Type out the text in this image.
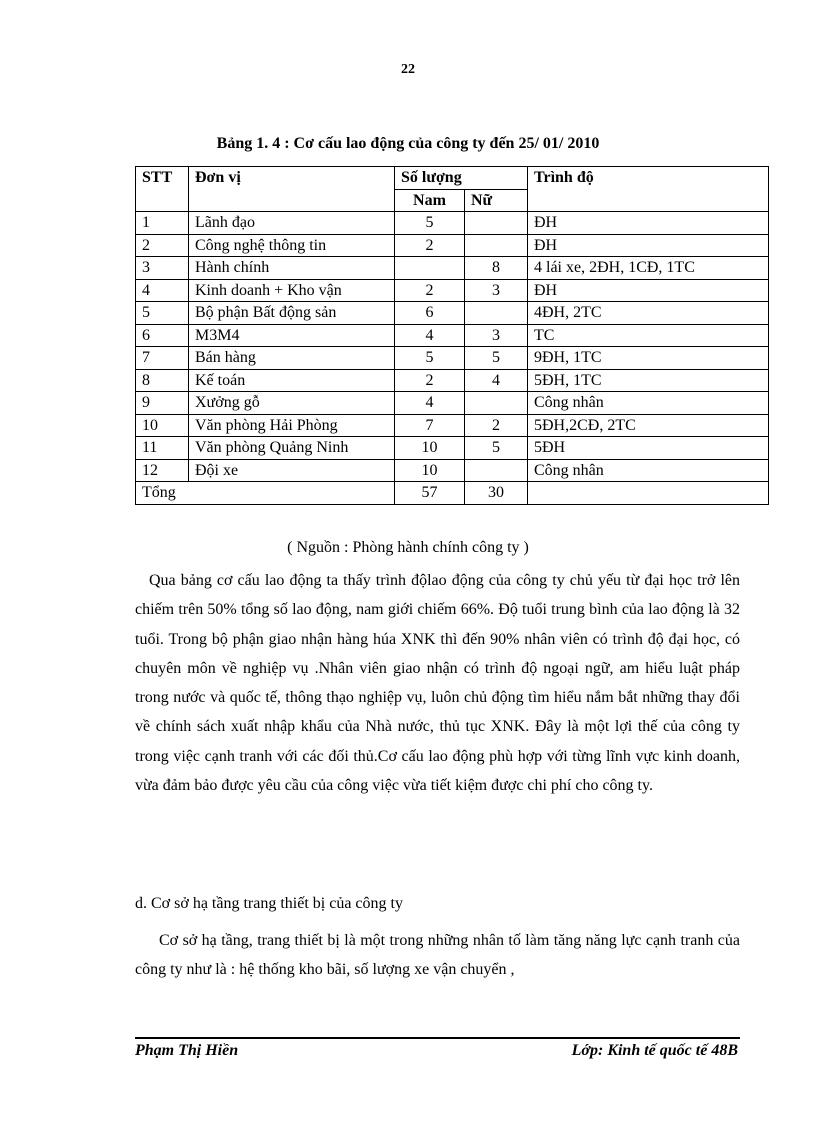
22
Bảng 1. 4 : Cơ cấu lao động của công ty đến 25/ 01/ 2010
STT	Đơn vị	Số lượng		Trình độ
		Nam	Nữ	
1	Lãnh đạo	5		ĐH
2	Công nghệ thông tin	2		ĐH
3	Hành chính		8	4 lái xe, 2ĐH, 1CĐ, 1TC
4	Kinh doanh + Kho vận	2	3	ĐH
5	Bộ phận Bất động sản	6		4ĐH, 2TC
6	M3M4	4	3	TC
7	Bán hàng	5	5	9ĐH, 1TC
8	Kế toán	2	4	5ĐH, 1TC
9	Xưởng gỗ	4		Công nhân
10	Văn phòng Hải Phòng	7	2	5ĐH,2CĐ, 2TC
11	Văn phòng Quảng Ninh	10	5	5ĐH
12	Đội xe	10		Công nhân
Tổng		57	30	
( Nguồn : Phòng hành chính công ty )
Qua bảng cơ cấu lao động ta thấy trình độlao động của công ty chủ yếu từ đại học trở lên chiếm trên 50% tổng số lao động, nam giới chiếm 66%. Độ tuổi trung bình của lao động là 32 tuổi. Trong bộ phận giao nhận hàng húa XNK thì đến 90% nhân viên có trình độ đại học, có chuyên môn về nghiệp vụ .Nhân viên giao nhận có trình độ ngoại ngữ, am hiểu luật pháp trong nước và quốc tế, thông thạo nghiệp vụ, luôn chủ động tìm hiểu nắm bắt những thay đổi về chính sách xuất nhập khẩu của Nhà nước, thủ tục XNK. Đây là một lợi thế của công ty trong việc cạnh tranh với các đối thủ.Cơ cấu lao động phù hợp với từng lĩnh vực kinh doanh, vừa đảm bảo được yêu cầu của công việc vừa tiết kiệm được chi phí cho công ty.
d. Cơ sở hạ tầng trang thiết bị của công ty
Cơ sở hạ tầng, trang thiết bị là một trong những nhân tố làm tăng năng lực cạnh tranh của công ty như là : hệ thống kho bãi, số lượng xe vận chuyển ,
Phạm Thị Hiền	Lớp: Kinh tế quốc tế 48B
